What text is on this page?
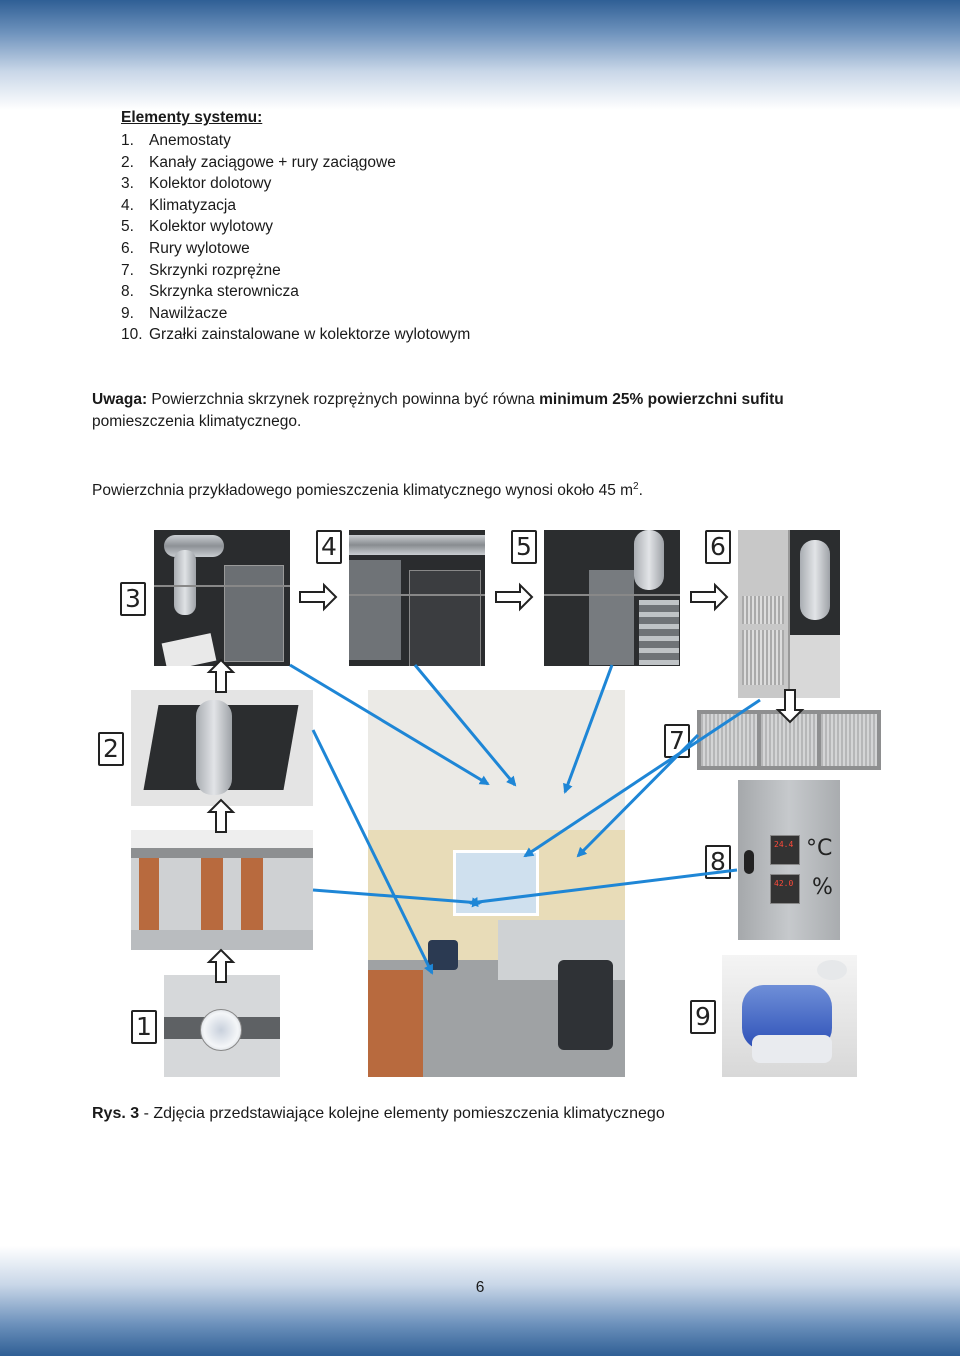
Elementy systemu:
1. Anemostaty
2. Kanały zaciągowe + rury zaciągowe
3. Kolektor dolotowy
4. Klimatyzacja
5. Kolektor wylotowy
6. Rury wylotowe
7. Skrzynki rozprężne
8. Skrzynka sterownicza
9. Nawilżacze
10. Grzałki zainstalowane w kolektorze wylotowym
Uwaga: Powierzchnia skrzynek rozprężnych powinna być równa minimum 25% powierzchni sufitu
pomieszczenia klimatycznego.
Powierzchnia przykładowego pomieszczenia klimatycznego wynosi około 45 $m^2$.
24.4
42.0
°C
%
3
4	5	6
2	7
8
9
1
Rys. 3 - Zdjęcia przedstawiające kolejne elementy pomieszczenia klimatycznego
6
